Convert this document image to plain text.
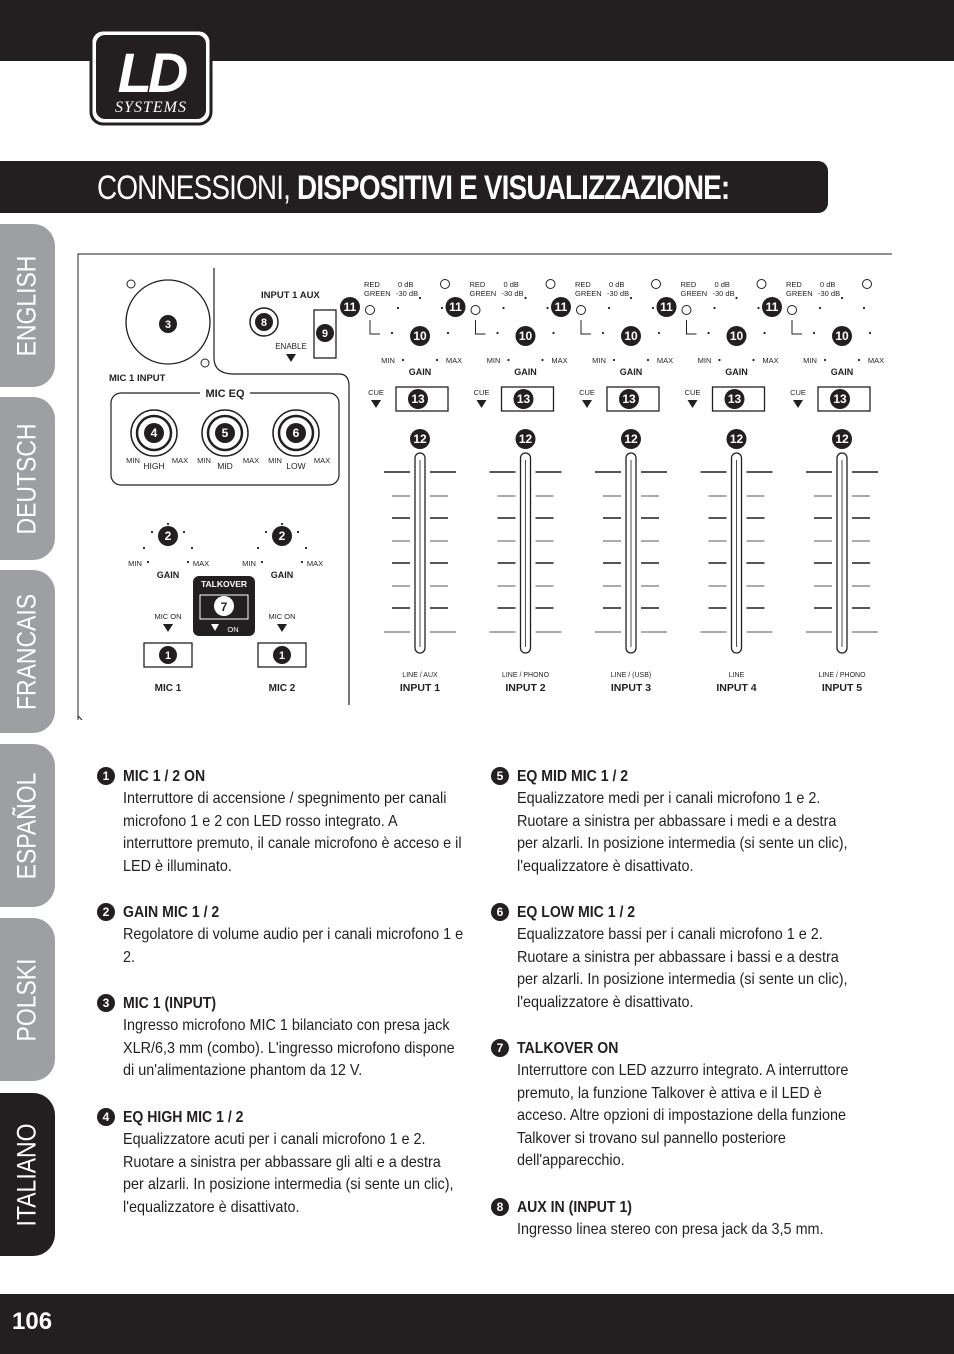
LD
SYSTEMS
CONNESSIONI, DISPOSITIVI E VISUALIZZAZIONE:
ENGLISH
DEUTSCH
FRANCAIS
ESPAÑOL
POLSKI
ITALIANO
3
MIC 1 INPUT
INPUT 1 AUX
8
9
ENABLE
MIC EQ
4
MIN	MAX
HIGH
5
MIN	MAX
MID
6
MIN	MAX
LOW
2
MIN	MAX
GAIN
MIC ON
1
MIC 1
2
MIN	MAX
GAIN
MIC ON
1
MIC 2
TALKOVER
7
ON
RED 0 dB
GREEN -30 dB
11
10
MIN	MAX
GAIN
CUE 13
12
LINE / AUX
INPUT 1
RED 0 dB
GREEN -30 dB
11
10
MIN	MAX
GAIN
CUE 13
12
LINE / PHONO
INPUT 2
RED 0 dB
GREEN -30 dB
11
10
MIN	MAX
GAIN
CUE 13
12
LINE / (USB)
INPUT 3
RED 0 dB
GREEN -30 dB
11
10
MIN	MAX
GAIN
CUE 13
12
LINE
INPUT 4
RED 0 dB
GREEN -30 dB
11
10
MIN	MAX
GAIN
CUE 13
12
LINE / PHONO
INPUT 5
1 MIC 1 / 2 ON
Interruttore di accensione / spegnimento per canali microfono 1 e 2 con LED rosso integrato. A interruttore premuto, il canale microfono è acceso e il LED è illuminato.
2 GAIN MIC 1 / 2
Regolatore di volume audio per i canali microfono 1 e 2.
3 MIC 1 (INPUT)
Ingresso microfono MIC 1 bilanciato con presa jack XLR/6,3 mm (combo). L'ingresso microfono dispone di un'alimentazione phantom da 12 V.
4 EQ HIGH MIC 1 / 2
Equalizzatore acuti per i canali microfono 1 e 2. Ruotare a sinistra per abbassare gli alti e a destra per alzarli. In posizione intermedia (si sente un clic), l'equalizzatore è disattivato.
5 EQ MID MIC 1 / 2
Equalizzatore medi per i canali microfono 1 e 2. Ruotare a sinistra per abbassare i medi e a destra per alzarli. In posizione intermedia (si sente un clic), l'equalizzatore è disattivato.
6 EQ LOW MIC 1 / 2
Equalizzatore bassi per i canali microfono 1 e 2. Ruotare a sinistra per abbassare i bassi e a destra per alzarli. In posizione intermedia (si sente un clic), l'equalizzatore è disattivato.
7 TALKOVER ON
Interruttore con LED azzurro integrato. A interruttore premuto, la funzione Talkover è attiva e il LED è acceso. Altre opzioni di impostazione della funzione Talkover si trovano sul pannello posteriore dell'apparecchio.
8 AUX IN (INPUT 1)
Ingresso linea stereo con presa jack da 3,5 mm.
106
